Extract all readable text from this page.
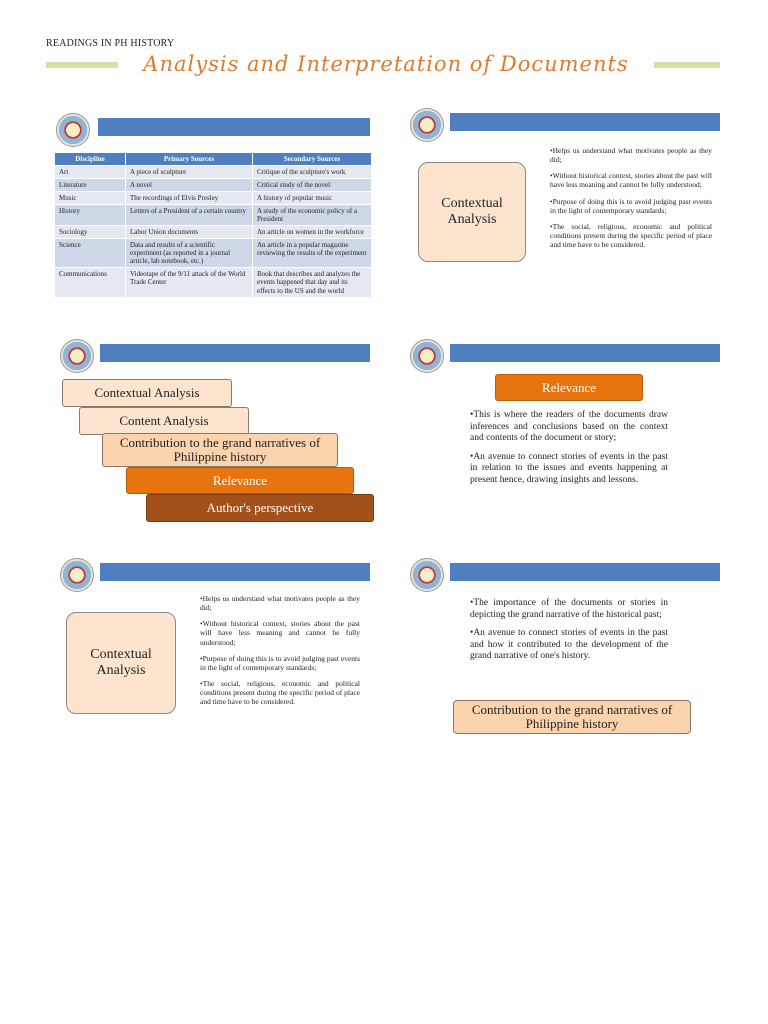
READINGS IN PH HISTORY
Analysis and Interpretation of Documents
Discipline	Primary Sources	Secondary Sources
Art	A piece of sculpture	Critique of the sculpture's work
Literature	A novel	Critical study of the novel
Music	The recordings of Elvis Presley	A history of popular music
History	Letters of a President of a certain country	A study of the economic policy of a President
Sociology	Labor Union documents	An article on women in the workforce
Science	Data and results of a scientific experiment (as reported in a journal article, lab notebook, etc.)	An article in a popular magazine reviewing the results of the experiment
Communications	Videotape of the 9/11 attack of the World Trade Center	Book that describes and analyzes the events happened that day and its effects to the US and the world
Contextual Analysis

•Helps us understand what motivates people as they did;

•Without historical context, stories about the past will have less meaning and cannot be fully understood;

•Purpose of doing this is to avoid judging past events in the light of contemporary standards;

•The social, religious, economic and political conditions present during the specific period of place and time have to be considered.

Contextual Analysis
Content Analysis
Contribution to the grand narratives of Philippine history
Relevance
Author's perspective
Relevance

•This is where the readers of the documents draw inferences and conclusions based on the context and contents of the document or story;

•An avenue to connect stories of events in the past in relation to the issues and events happening at present hence, drawing insights and lessons.

Contextual Analysis

•Helps us understand what motivates people as they did;

•Without historical context, stories about the past will have less meaning and cannot be fully understood;

•Purpose of doing this is to avoid judging past events in the light of contemporary standards;

•The social, religious, economic and political conditions present during the specific period of place and time have to be considered.

•The importance of the documents or stories in depicting the grand narrative of the historical past;

•An avenue to connect stories of events in the past and how it contributed to the development of the grand narrative of one's history.

Contribution to the grand narratives of Philippine history
